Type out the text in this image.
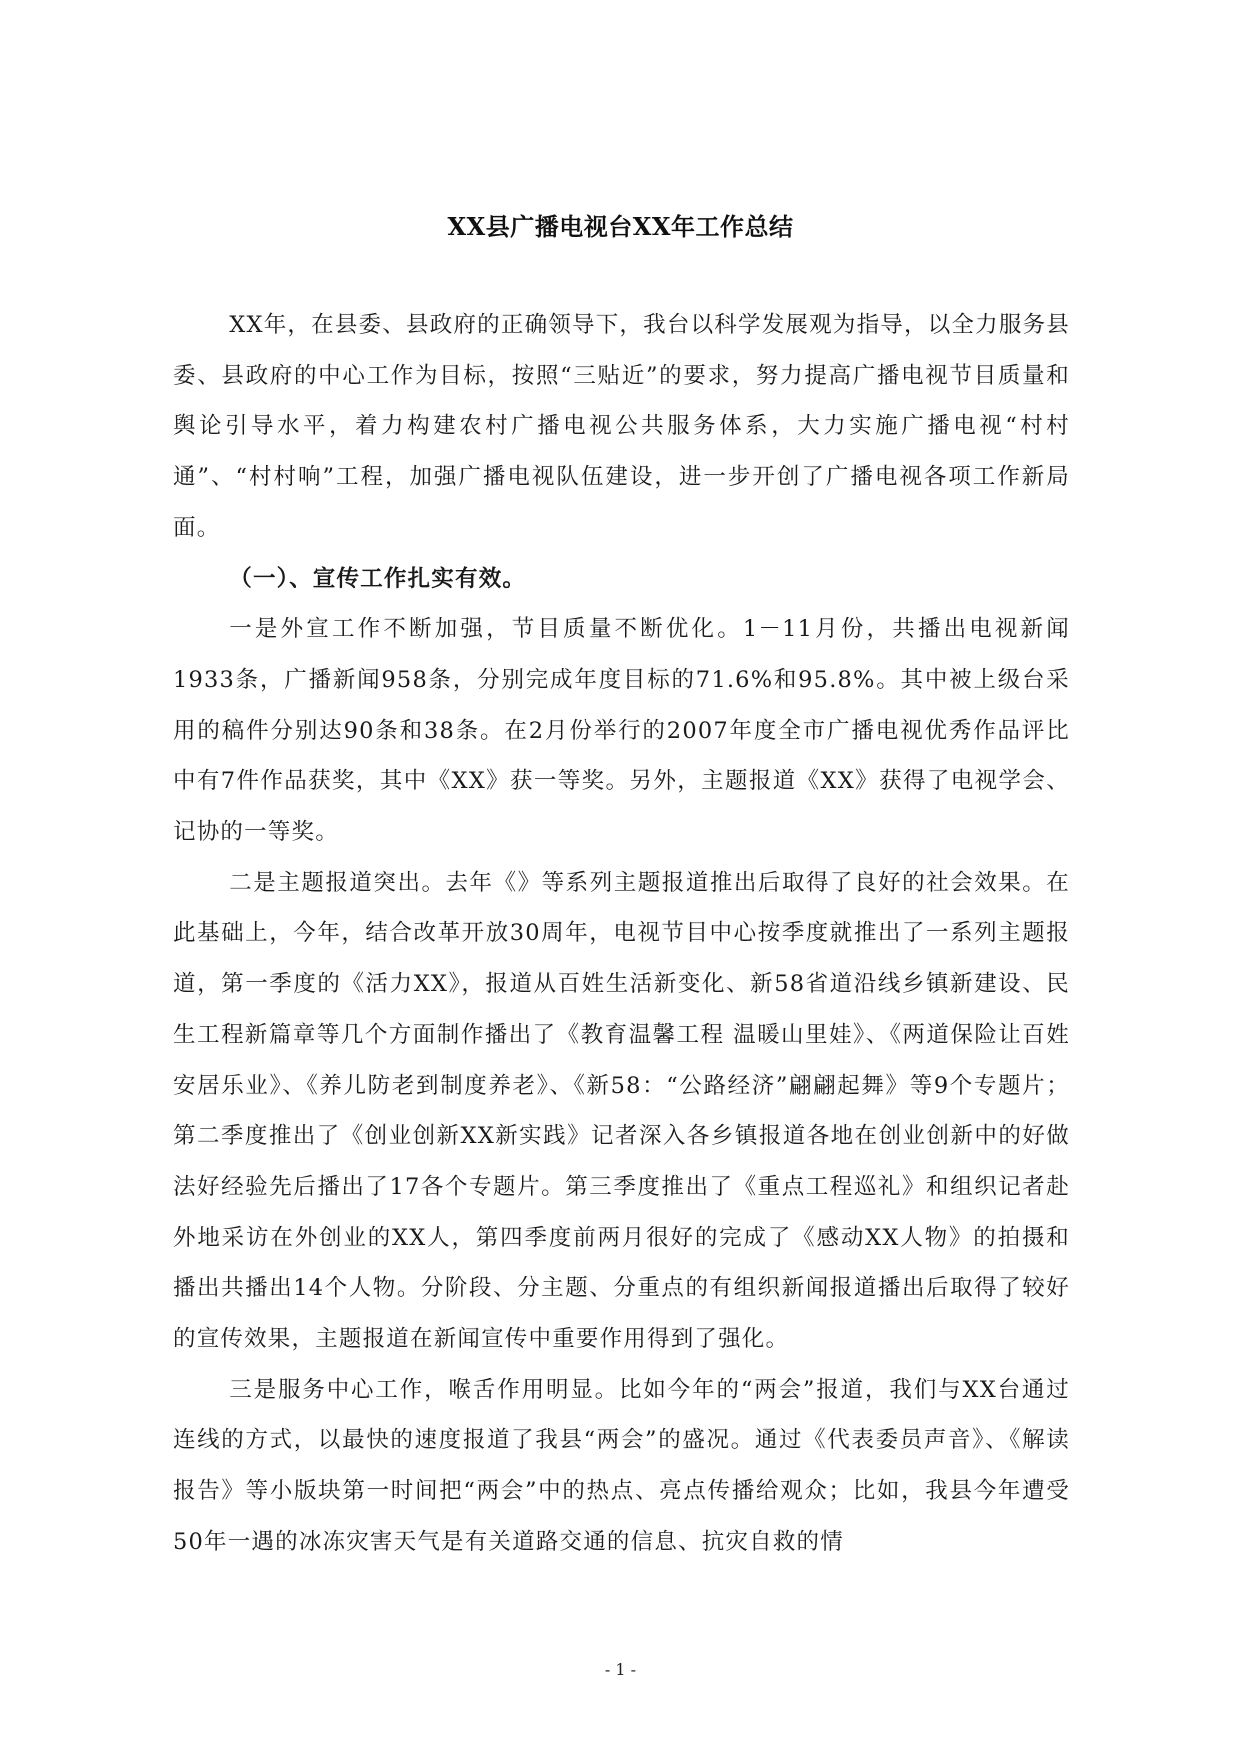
XX县广播电视台XX年工作总结

XX年，在县委、县政府的正确领导下，我台以科学发展观为指导，以全力服务县委、县政府的中心工作为目标，按照“三贴近”的要求，努力提高广播电视节目质量和舆论引导水平，着力构建农村广播电视公共服务体系，大力实施广播电视“村村通”、“村村响”工程，加强广播电视队伍建设，进一步开创了广播电视各项工作新局面。

（一）、宣传工作扎实有效。

一是外宣工作不断加强，节目质量不断优化。1－11月份，共播出电视新闻1933条，广播新闻958条，分别完成年度目标的71.6%和95.8%。其中被上级台采用的稿件分别达90条和38条。在2月份举行的2007年度全市广播电视优秀作品评比中有7件作品获奖，其中《XX》获一等奖。另外，主题报道《XX》获得了电视学会、记协的一等奖。

二是主题报道突出。去年《》等系列主题报道推出后取得了良好的社会效果。在此基础上，今年，结合改革开放30周年，电视节目中心按季度就推出了一系列主题报道，第一季度的《活力XX》，报道从百姓生活新变化、新58省道沿线乡镇新建设、民生工程新篇章等几个方面制作播出了《教育温馨工程 温暖山里娃》、《两道保险让百姓安居乐业》、《养儿防老到制度养老》、《新58：“公路经济”翩翩起舞》等9个专题片；第二季度推出了《创业创新XX新实践》记者深入各乡镇报道各地在创业创新中的好做法好经验先后播出了17各个专题片。第三季度推出了《重点工程巡礼》和组织记者赴外地采访在外创业的XX人，第四季度前两月很好的完成了《感动XX人物》的拍摄和播出共播出14个人物。分阶段、分主题、分重点的有组织新闻报道播出后取得了较好的宣传效果，主题报道在新闻宣传中重要作用得到了强化。

三是服务中心工作，喉舌作用明显。比如今年的“两会”报道，我们与XX台通过连线的方式，以最快的速度报道了我县“两会”的盛况。通过《代表委员声音》、《解读报告》等小版块第一时间把“两会”中的热点、亮点传播给观众；比如，我县今年遭受50年一遇的冰冻灾害天气是有关道路交通的信息、抗灾自救的情

- 1 -
